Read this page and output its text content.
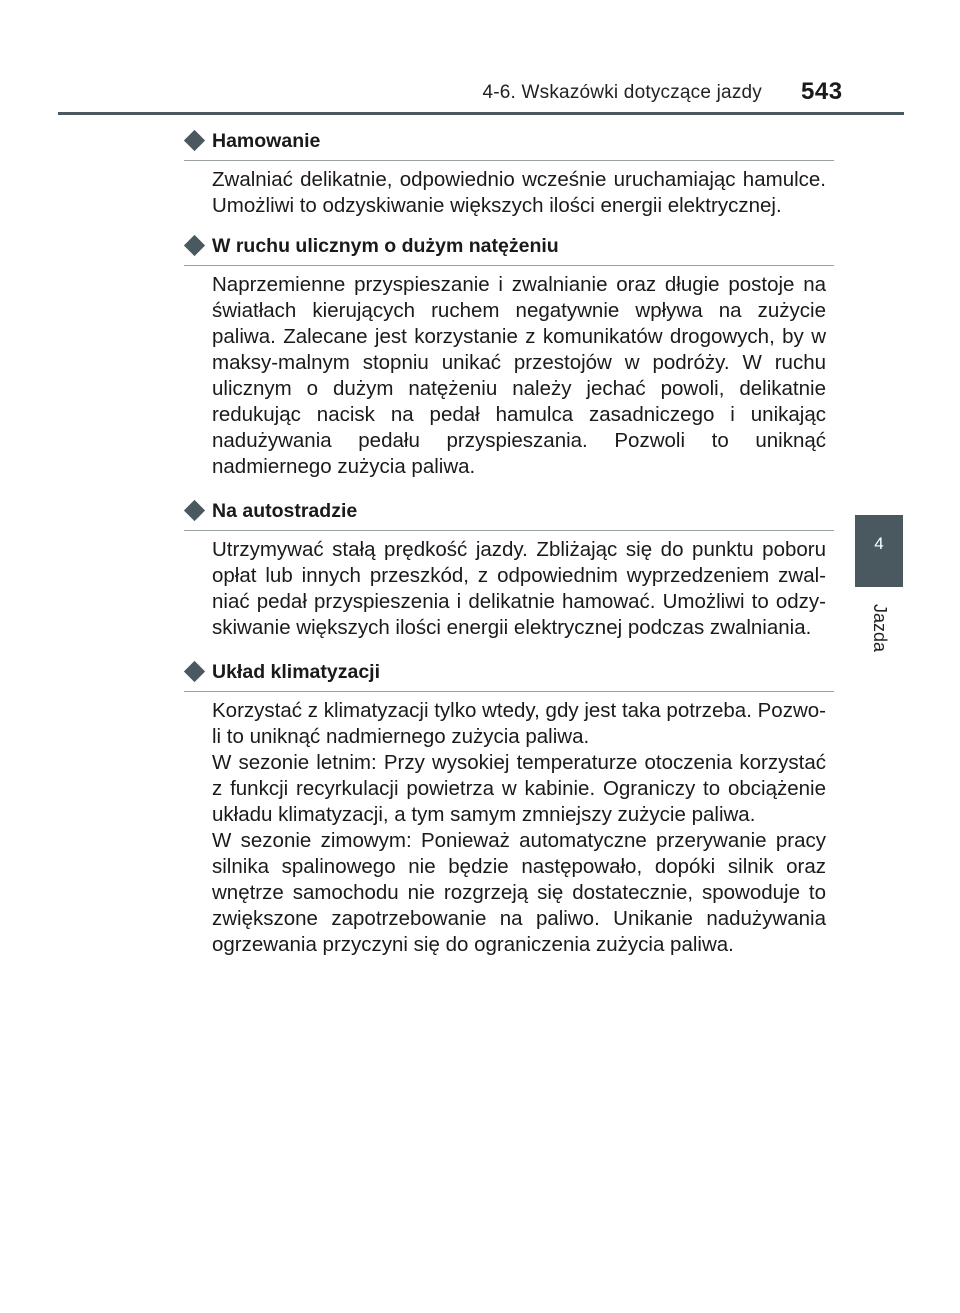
4-6. Wskazówki dotyczące jazdy 543
4
Jazda
Hamowanie

Zwalniać delikatnie, odpowiednio wcześnie uruchamiając hamulce. Umożliwi to odzyskiwanie większych ilości energii elektrycznej.

W ruchu ulicznym o dużym natężeniu

Naprzemienne przyspieszanie i zwalnianie oraz długie postoje na światłach kierujących ruchem negatywnie wpływa na zużycie paliwa. Zalecane jest korzystanie z komunikatów drogowych, by w maksy-malnym stopniu unikać przestojów w podróży. W ruchu ulicznym o dużym natężeniu należy jechać powoli, delikatnie redukując nacisk na pedał hamulca zasadniczego i unikając nadużywania pedału przyspieszania. Pozwoli to uniknąć nadmiernego zużycia paliwa.

Na autostradzie

Utrzymywać stałą prędkość jazdy. Zbliżając się do punktu poboru opłat lub innych przeszkód, z odpowiednim wyprzedzeniem zwal-niać pedał przyspieszenia i delikatnie hamować. Umożliwi to odzy-skiwanie większych ilości energii elektrycznej podczas zwalniania.

Układ klimatyzacji

Korzystać z klimatyzacji tylko wtedy, gdy jest taka potrzeba. Pozwo-li to uniknąć nadmiernego zużycia paliwa.

W sezonie letnim: Przy wysokiej temperaturze otoczenia korzystać z funkcji recyrkulacji powietrza w kabinie. Ograniczy to obciążenie układu klimatyzacji, a tym samym zmniejszy zużycie paliwa.

W sezonie zimowym: Ponieważ automatyczne przerywanie pracy silnika spalinowego nie będzie następowało, dopóki silnik oraz wnętrze samochodu nie rozgrzeją się dostatecznie, spowoduje to zwiększone zapotrzebowanie na paliwo. Unikanie nadużywania ogrzewania przyczyni się do ograniczenia zużycia paliwa.
